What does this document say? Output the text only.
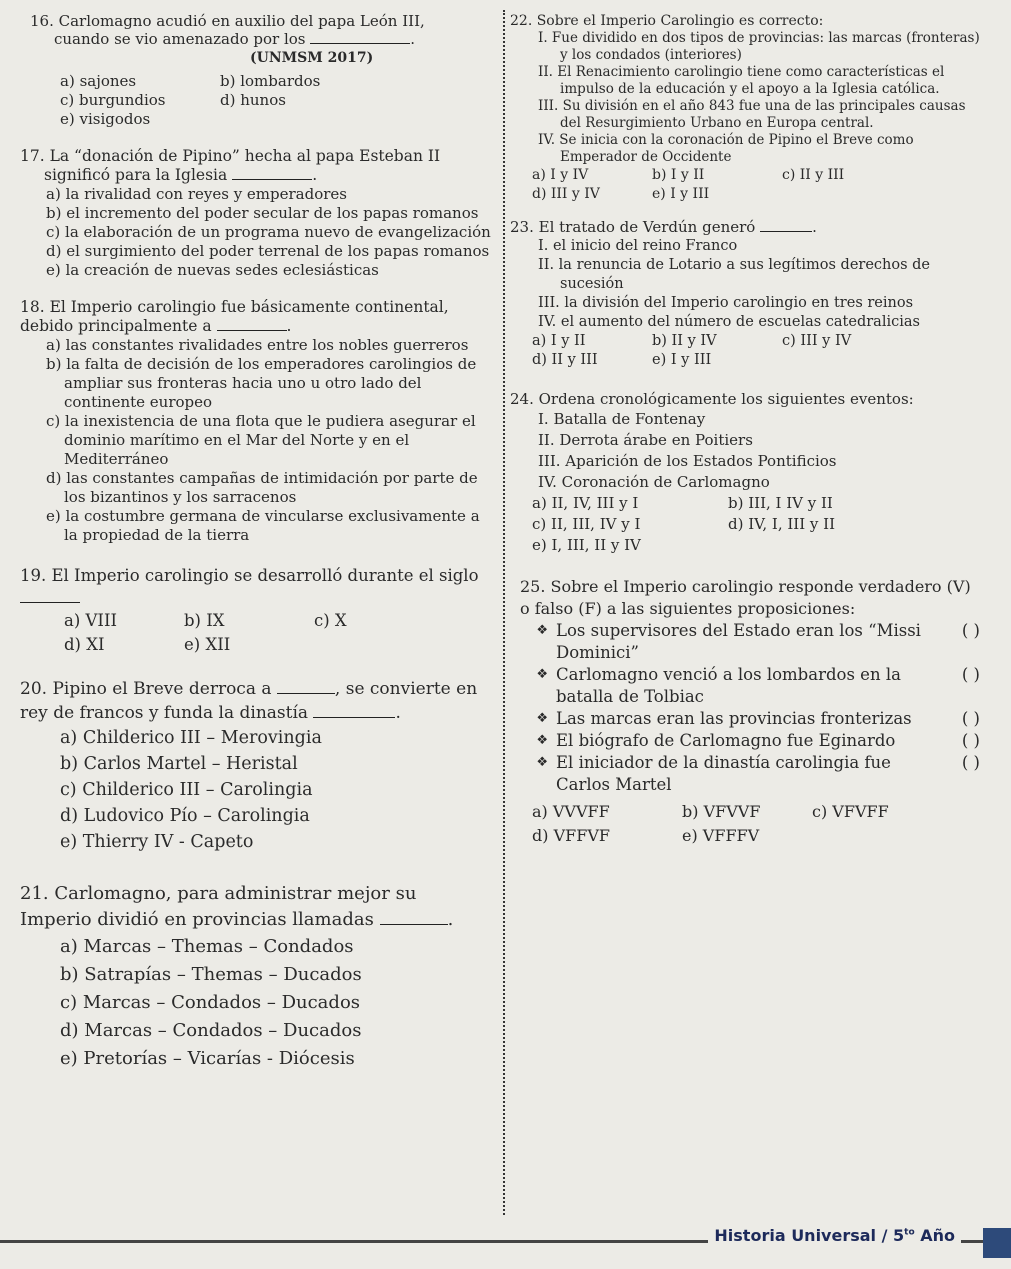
16. Carlomagno acudió en auxilio del papa León III,
cuando se vio amenazado por los	.
(UNMSM 2017)
a) sajones	b) lombardos
c) burgundios	d) hunos
e) visigodos
17. La “donación de Pipino” hecha al papa Esteban II
significó para la Iglesia	.
a) la rivalidad con reyes y emperadores
b) el incremento del poder secular de los papas romanos
c) la elaboración de un programa nuevo de evangelización
d) el surgimiento del poder terrenal de los papas romanos
e) la creación de nuevas sedes eclesiásticas
18. El Imperio carolingio fue básicamente continental, debido principalmente a	.
a) las constantes rivalidades entre los nobles guerreros
b) la falta de decisión de los emperadores carolingios de ampliar sus fronteras hacia uno u otro lado del continente europeo
c) la inexistencia de una flota que le pudiera asegurar el dominio marítimo en el Mar del Norte y en el Mediterráneo
d) las constantes campañas de intimidación por parte de los bizantinos y los sarracenos
e) la costumbre germana de vincularse exclusivamente a la propiedad de la tierra
19. El Imperio carolingio se desarrolló durante el siglo
a) VIII	b) IX	c) X
d) XI	e) XII
20. Pipino el Breve derroca a	, se convierte en rey de francos y funda la dinastía	.
a) Childerico III – Merovingia
b) Carlos Martel – Heristal
c) Childerico III – Carolingia
d) Ludovico Pío – Carolingia
e) Thierry IV - Capeto
21. Carlomagno, para administrar mejor su Imperio dividió en provincias llamadas	.
a) Marcas – Themas – Condados
b) Satrapías – Themas – Ducados
c) Marcas – Condados – Ducados
d) Marcas – Condados – Ducados
e) Pretorías – Vicarías - Diócesis
22. Sobre el Imperio Carolingio es correcto:
I. Fue dividido en dos tipos de provincias: las marcas (fronteras) y los condados (interiores)
II. El Renacimiento carolingio tiene como características el impulso de la educación y el apoyo a la Iglesia católica.
III. Su división en el año 843 fue una de las principales causas del Resurgimiento Urbano en Europa central.
IV. Se inicia con la coronación de Pipino el Breve como Emperador de Occidente
a) I y IV	b) I y II	c) II y III
d) III y IV	e) I y III
23. El tratado de Verdún generó	.
I. el inicio del reino Franco
II. la renuncia de Lotario a sus legítimos derechos de sucesión
III. la división del Imperio carolingio en tres reinos
IV. el aumento del número de escuelas catedralicias
a) I y II	b) II y IV	c) III y IV
d) II y III	e) I y III
24. Ordena cronológicamente los siguientes eventos:
I. Batalla de Fontenay
II. Derrota árabe en Poitiers
III. Aparición de los Estados Pontificios
IV. Coronación de Carlomagno
a) II, IV, III y I	b) III, I IV y II
c) II, III, IV y I	d) IV, I, III y II
e) I, III, II y IV
25. Sobre el Imperio carolingio responde verdadero (V) o falso (F) a las siguientes proposiciones:
❖ Los supervisores del Estado eran los “Missi Dominici”
( )
❖ Carlomagno venció a los lombardos en la batalla de Tolbiac
( )
❖ Las marcas eran las provincias fronterizas	( )
❖ El biógrafo de Carlomagno fue Eginardo	( )
❖ El iniciador de la dinastía carolingia fue Carlos Martel
( )
a) VVVFF	b) VFVVF	c) VFVFF
d) VFFVF	e) VFFFV
Historia Universal / $5^{to}$ Año
